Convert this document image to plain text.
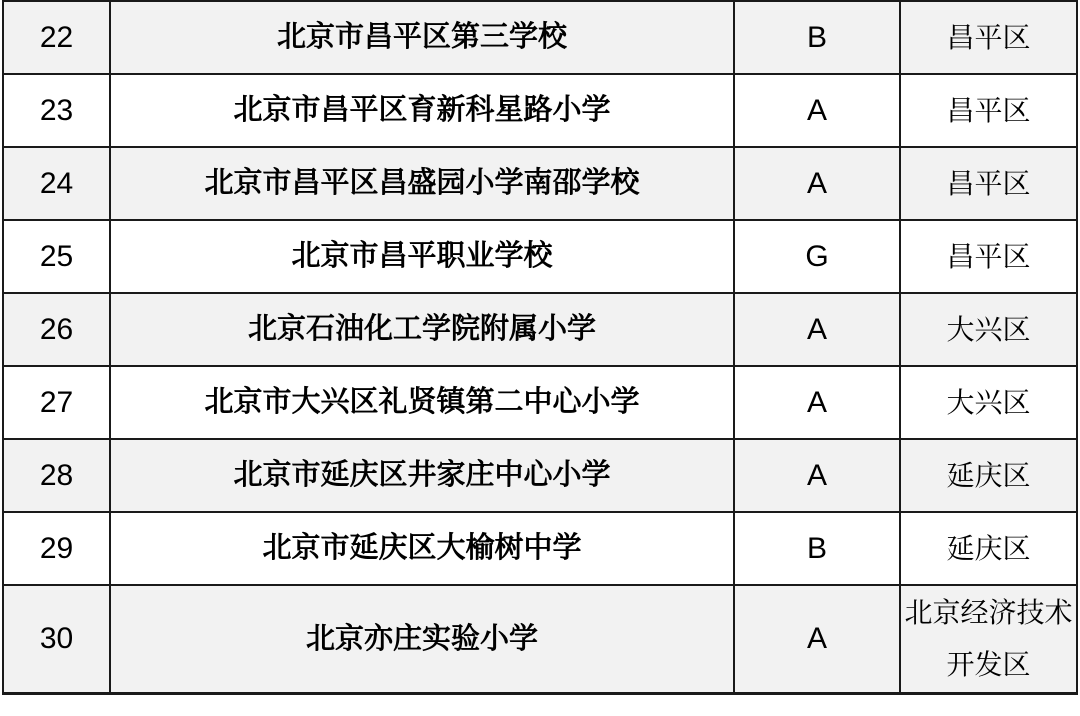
22	北京市昌平区第三学校	B	昌平区
23	北京市昌平区育新科星路小学	A	昌平区
24	北京市昌平区昌盛园小学南邵学校	A	昌平区
25	北京市昌平职业学校	G	昌平区
26	北京石油化工学院附属小学	A	大兴区
27	北京市大兴区礼贤镇第二中心小学	A	大兴区
28	北京市延庆区井家庄中心小学	A	延庆区
29	北京市延庆区大榆树中学	B	延庆区
30	北京亦庄实验小学	A	北京经济技术开发区
